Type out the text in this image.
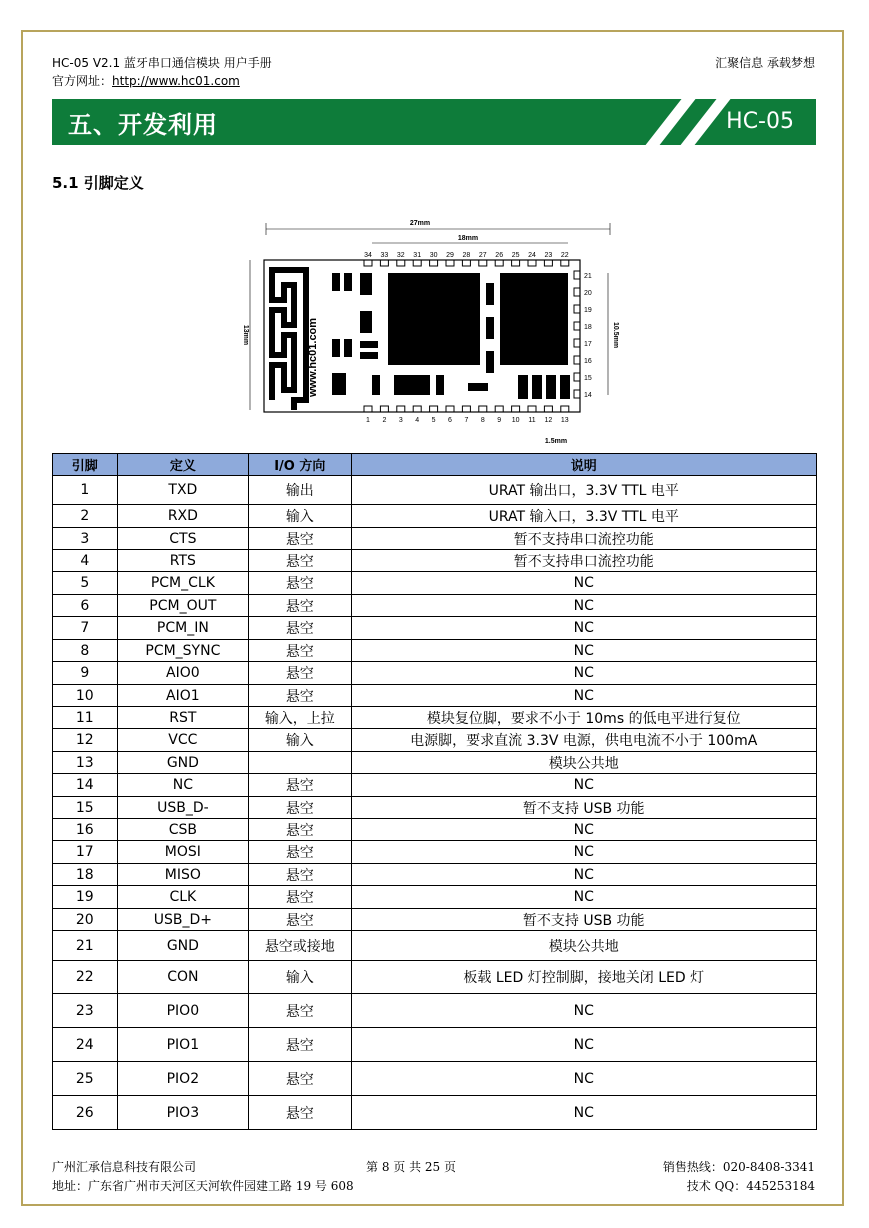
HC-05 V2.1 蓝牙串口通信模块 用户手册
官方网址：http://www.hc01.com
汇聚信息 承载梦想
五、开发利用	HC-05
5.1 引脚定义
27mm
18mm
13mm	10.5mm
www.hc01.com
34 33 32 31 30 29 28 27 26 25 24 23 22
1 2 3 4 5 6 7 8 9 10 11 12 13
21
20
19
18
17
16
15
14
1.5mm
引脚	定义	I/O 方向	说明
1	TXD	输出	URAT 输出口，3.3V TTL 电平
2	RXD	输入	URAT 输入口，3.3V TTL 电平
3	CTS	悬空	暂不支持串口流控功能
4	RTS	悬空	暂不支持串口流控功能
5	PCM_CLK	悬空	NC
6	PCM_OUT	悬空	NC
7	PCM_IN	悬空	NC
8	PCM_SYNC	悬空	NC
9	AIO0	悬空	NC
10	AIO1	悬空	NC
11	RST	输入，上拉	模块复位脚，要求不小于 10ms 的低电平进行复位
12	VCC	输入	电源脚，要求直流 3.3V 电源，供电电流不小于 100mA
13	GND		模块公共地
14	NC	悬空	NC
15	USB_D-	悬空	暂不支持 USB 功能
16	CSB	悬空	NC
17	MOSI	悬空	NC
18	MISO	悬空	NC
19	CLK	悬空	NC
20	USB_D+	悬空	暂不支持 USB 功能
21	GND	悬空或接地	模块公共地
22	CON	输入	板载 LED 灯控制脚，接地关闭 LED 灯
23	PIO0	悬空	NC
24	PIO1	悬空	NC
25	PIO2	悬空	NC
26	PIO3	悬空	NC
广州汇承信息科技有限公司	第 8 页 共 25 页	销售热线：020-8408-3341
地址：广东省广州市天河区天河软件园建工路 19 号 608	技术 QQ：445253184
